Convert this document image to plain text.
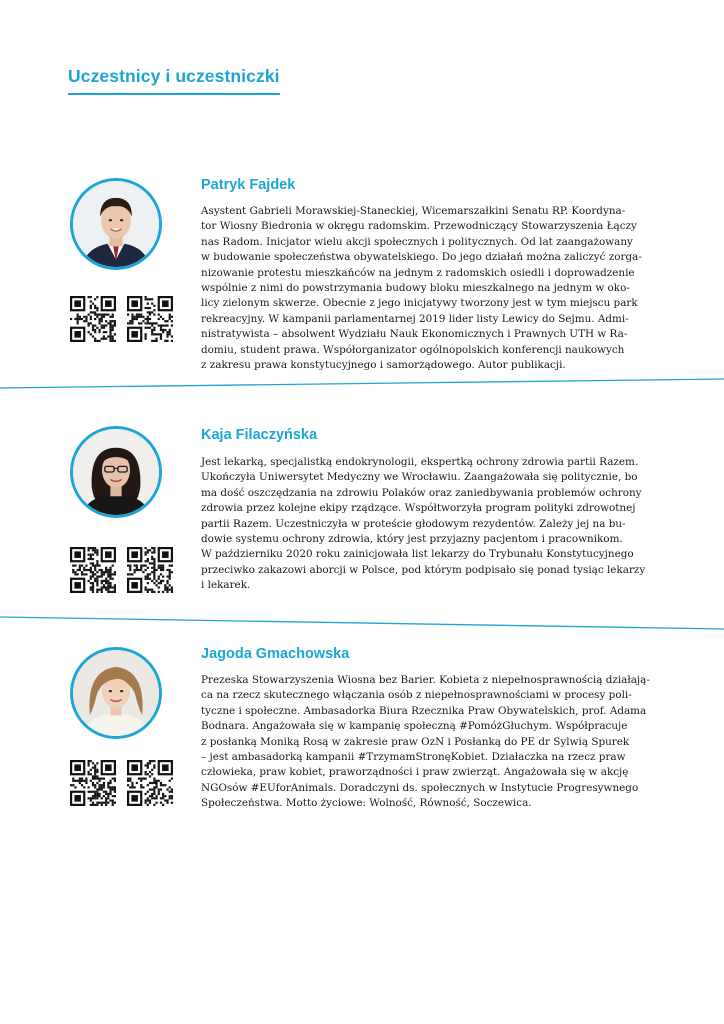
Uczestnicy i uczestniczki
Patryk Fajdek
Asystent Gabrieli Morawskiej-Staneckiej, Wicemarszałkini Senatu RP. Koordyna-
tor Wiosny Biedronia w okręgu radomskim. Przewodniczący Stowarzyszenia Łączy
nas Radom. Inicjator wielu akcji społecznych i politycznych. Od lat zaangażowany
w budowanie społeczeństwa obywatelskiego. Do jego działań można zaliczyć zorga-
nizowanie protestu mieszkańców na jednym z radomskich osiedli i doprowadzenie
wspólnie z nimi do powstrzymania budowy bloku mieszkalnego na jednym w oko-
licy zielonym skwerze. Obecnie z jego inicjatywy tworzony jest w tym miejscu park
rekreacyjny. W kampanii parlamentarnej 2019 lider listy Lewicy do Sejmu. Admi-
nistratywista – absolwent Wydziału Nauk Ekonomicznych i Prawnych UTH w Ra-
domiu, student prawa. Współorganizator ogólnopolskich konferencji naukowych
z zakresu prawa konstytucyjnego i samorządowego. Autor publikacji.
Kaja Filaczyńska
Jest lekarką, specjalistką endokrynologii, ekspertką ochrony zdrowia partii Razem.
Ukończyła Uniwersytet Medyczny we Wrocławiu. Zaangażowała się politycznie, bo
ma dość oszczędzania na zdrowiu Polaków oraz zaniedbywania problemów ochrony
zdrowia przez kolejne ekipy rządzące. Współtworzyła program polityki zdrowotnej
partii Razem. Uczestniczyła w proteście głodowym rezydentów. Zależy jej na bu-
dowie systemu ochrony zdrowia, który jest przyjazny pacjentom i pracownikom.
W październiku 2020 roku zainicjowała list lekarzy do Trybunału Konstytucyjnego
przeciwko zakazowi aborcji w Polsce, pod którym podpisało się ponad tysiąc lekarzy
i lekarek.
Jagoda Gmachowska
Prezeska Stowarzyszenia Wiosna bez Barier. Kobieta z niepełnosprawnością działają-
ca na rzecz skutecznego włączania osób z niepełnosprawnościami w procesy poli-
tyczne i społeczne. Ambasadorka Biura Rzecznika Praw Obywatelskich, prof. Adama
Bodnara. Angażowała się w kampanię społeczną #PomóżGłuchym. Współpracuje
z posłanką Moniką Rosą w zakresie praw OzN i Posłanką do PE dr Sylwią Spurek
– jest ambasadorką kampanii #TrzymamStronęKobiet. Działaczka na rzecz praw
człowieka, praw kobiet, praworządności i praw zwierząt. Angażowała się w akcję
NGOsów #EUforAnimals. Doradczyni ds. społecznych w Instytucie Progresywnego
Społeczeństwa. Motto życiowe: Wolność, Równość, Soczewica.
